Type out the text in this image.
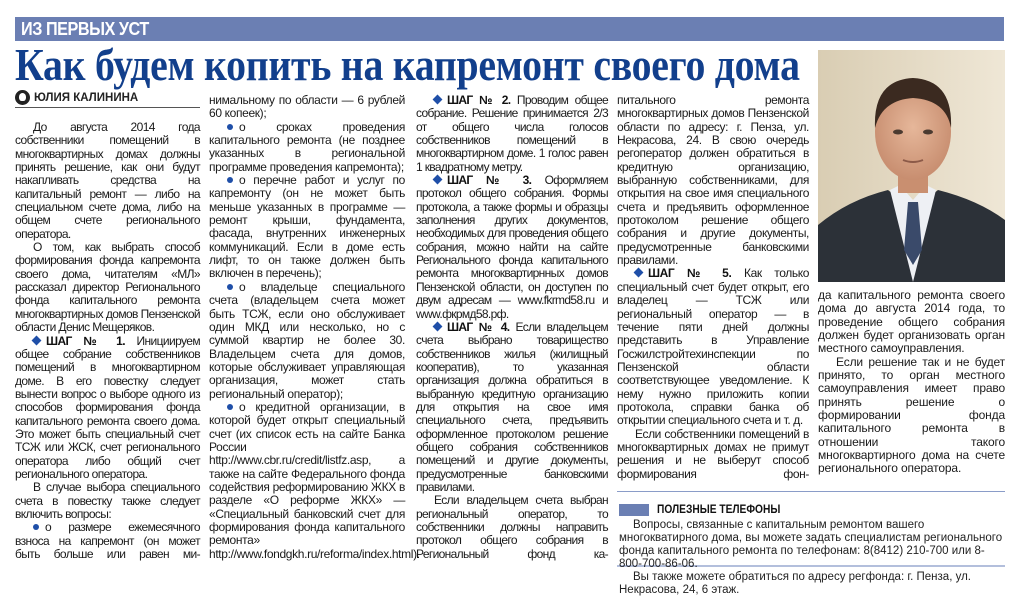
ИЗ ПЕРВЫХ УСТ
Как будем копить на капремонт своего дома
ЮЛИЯ КАЛИНИНА

До августа 2014 года собственники помещений в многоквартирных домах должны принять решение, как они будут накапливать средства на капитальный ремонт — либо на специальном счете дома, либо на общем счете регионального оператора.

О том, как выбрать способ формирования фонда капремонта своего дома, читателям «МЛ» рассказал директор Регионального фонда капитального ремонта многоквартирных домов Пензенской области Денис Мещеряков.

ШАГ № 1. Инициируем общее собрание собственников помещений в многоквартирном доме. В его повестку следует вынести вопрос о выборе одного из способов формирования фонда капитального ремонта своего дома. Это может быть специальный счет ТСЖ или ЖСК, счет регионального оператора либо общий счет регионального оператора.

В случае выбора специального счета в повестку также следует включить вопросы:

о размере ежемесячного взноса на капремонт (он может быть больше или равен ми-

нимальному по области — 6 рублей 60 копеек);

о сроках проведения капитального ремонта (не позднее указанных в региональной программе проведения капремонта);

о перечне работ и услуг по капремонту (он не может быть меньше указанных в программе — ремонт крыши, фундамента, фасада, внутренних инженерных коммуникаций. Если в доме есть лифт, то он также должен быть включен в перечень);

о владельце специального счета (владельцем счета может быть ТСЖ, если оно обслуживает один МКД или несколько, но с суммой квартир не более 30. Владельцем счета для домов, которые обслуживает управляющая организация, может стать региональный оператор);

о кредитной организации, в которой будет открыт специальный счет (их список есть на сайте Банка России http://www.cbr.ru/credit/listfz.asp, а также на сайте Федерального фонда содействия реформированию ЖКХ в разделе «О реформе ЖКХ» — «Специальный банковский счет для формирования фонда капитального ремонта» http://www.fondgkh.ru/reforma/index.html).

ШАГ № 2. Проводим общее собрание. Решение принимается 2/3 от общего числа голосов собственников помещений в многоквартирном доме. 1 голос равен 1 квадратному метру.

ШАГ № 3. Оформляем протокол общего собрания. Формы протокола, а также формы и образцы заполнения других документов, необходимых для проведения общего собрания, можно найти на сайте Регионального фонда капитального ремонта многоквартирнных домов Пензенской области, он доступен по двум адресам — www.fkrmd58.ru и www.фкрмд58.рф.

ШАГ № 4. Если владельцем счета выбрано товарищество собственников жилья (жилищный кооператив), то указанная организация должна обратиться в выбранную кредитную организацию для открытия на свое имя специального счета, предъявить оформленное протоколом решение общего собрания собственников помещений и другие документы, предусмотренные банковскими правилами.

Если владельцем счета выбран региональный оператор, то собственники должны направить протокол общего собрания в Региональный фонд ка-

питального ремонта многоквартирных домов Пензенской области по адресу: г. Пенза, ул. Некрасова, 24. В свою очередь регоператор должен обратиться в кредитную организацию, выбранную собственниками, для открытия на свое имя специального счета и предъявить оформленное протоколом решение общего собрания и другие документы, предусмотренные банковскими правилами.

ШАГ № 5. Как только специальный счет будет открыт, его владелец — ТСЖ или региональный оператор — в течение пяти дней должны представить в Управление Госжилстройтехинспекции по Пензенской области соответствующее уведомление. К нему нужно приложить копии протокола, справки банка об открытии специального счета и т. д.

Если собственники помещений в многоквартирных домах не примут решения и не выберут способ формирования фон-

да капитального ремонта своего дома до августа 2014 года, то проведение общего собрания должен будет организовать орган местного самоуправления.

Если решение так и не будет принято, то орган местного самоуправления имеет право принять решение о формировании фонда капитального ремонта в отношении такого многоквартирного дома на счете регионального оператора.

ПОЛЕЗНЫЕ ТЕЛЕФОНЫ

Вопросы, связанные с капитальным ремонтом вашего многокватирного дома, вы можете задать специалистам регионального фонда капитального ремонта по телефонам: 8(8412) 210-700 или 8-800-700-86-06.

Вы также можете обратиться по адресу регфонда: г. Пенза, ул. Некрасова, 24, 6 этаж.
